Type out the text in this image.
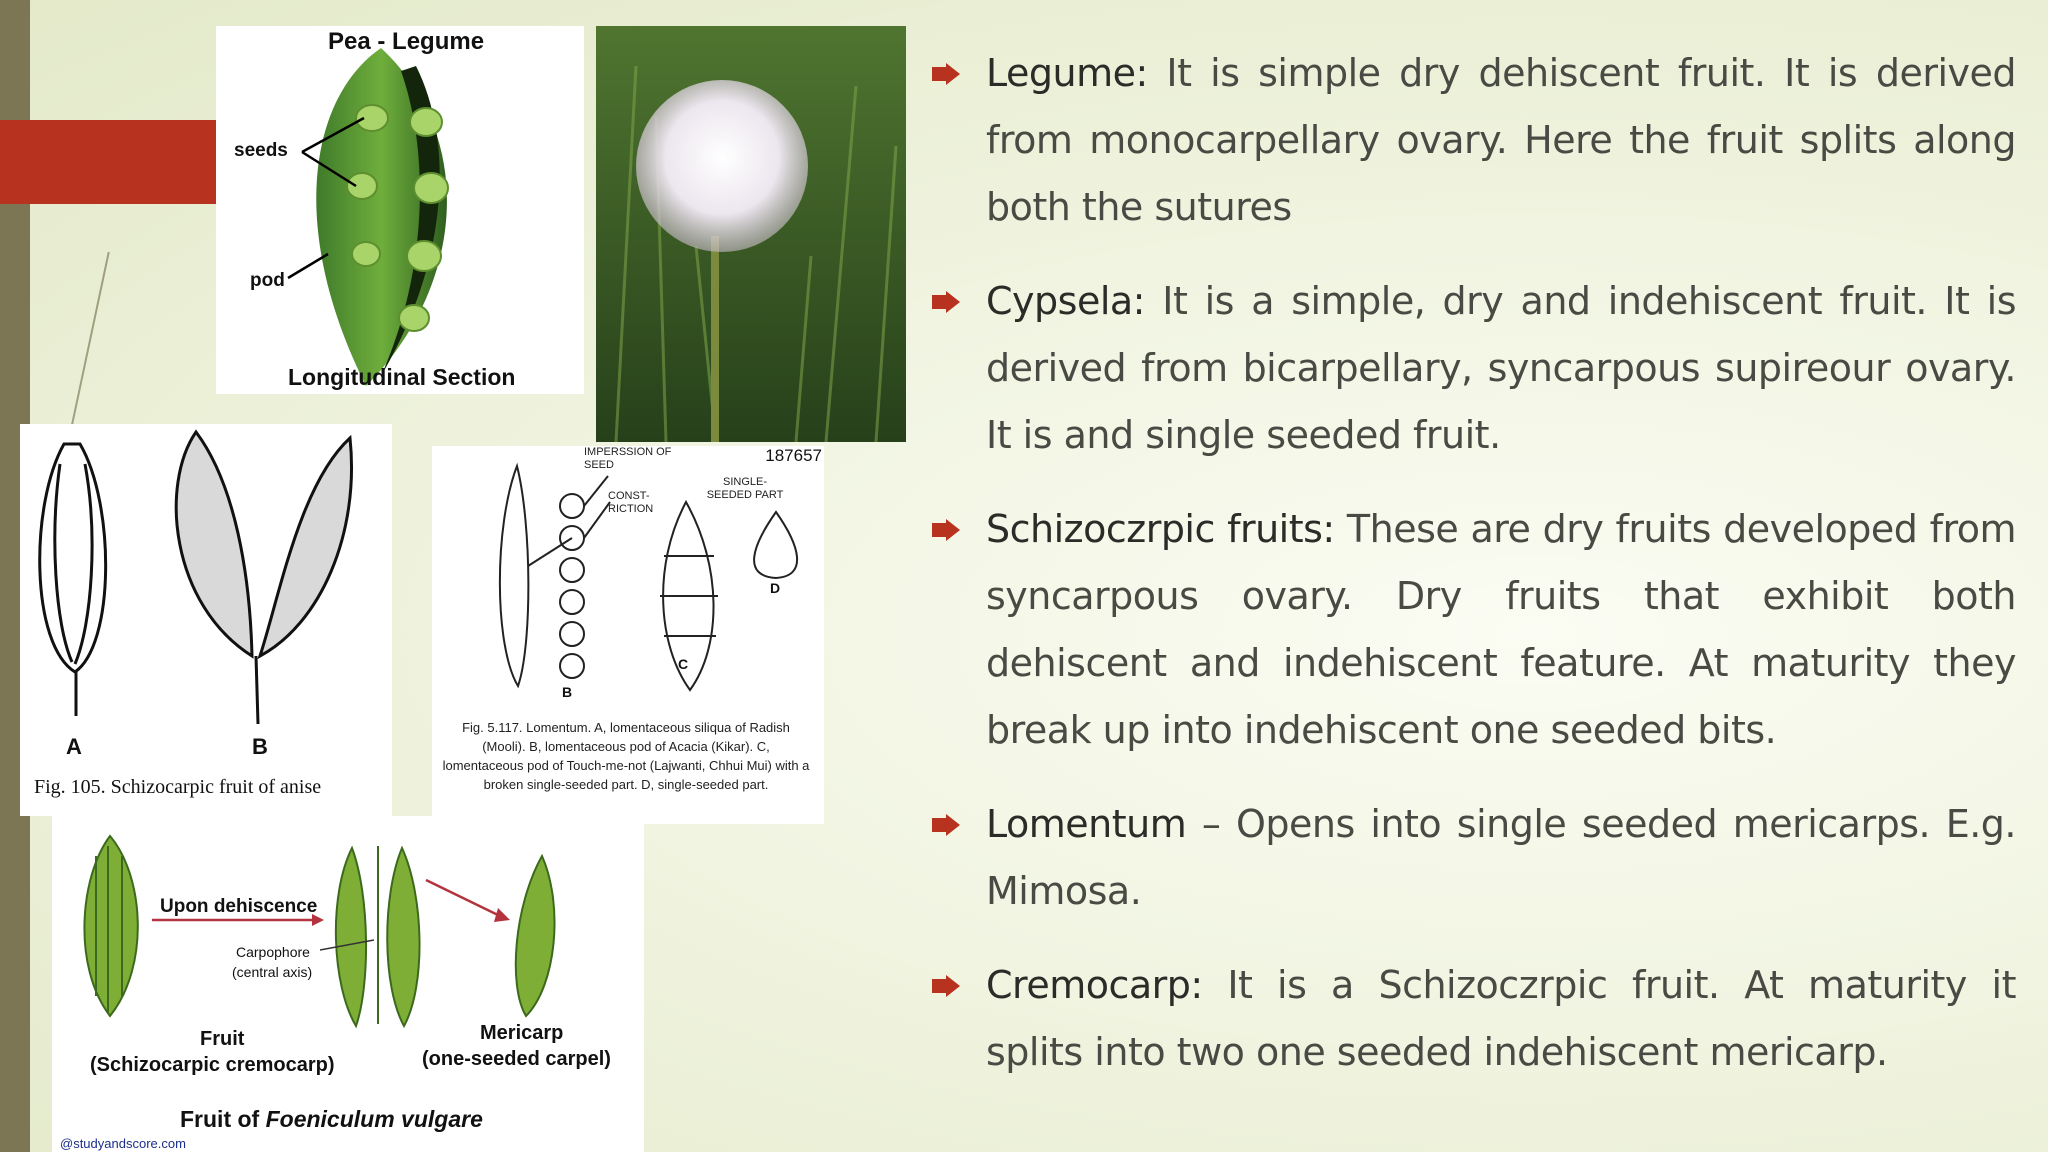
Pea - Legume
seeds
pod
Longitudinal Section
A	B
Fig. 105. Schizocarpic fruit of anise
187657
IMPERSSION OF SEED
CONST-RICTION
SINGLE-SEEDED PART
B
C
D
Fig. 5.117. Lomentum. A, lomentaceous siliqua of Radish (Mooli). B, lomentaceous pod of Acacia (Kikar). C, lomentaceous pod of Touch-me-not (Lajwanti, Chhui Mui) with a broken single-seeded part. D, single-seeded part.
Upon dehiscence
Carpophore
(central axis)
Fruit
(Schizocarpic cremocarp)
Mericarp
(one-seeded carpel)
Fruit of Foeniculum vulgare
@studyandscore.com
Legume: It is simple dry dehiscent fruit. It is derived from monocarpellary ovary. Here the fruit splits along both the sutures
Cypsela: It is a simple, dry and indehiscent fruit. It is derived from bicarpellary, syncarpous supireour ovary. It is and single seeded fruit.
Schizoczrpic fruits: These are dry fruits developed from syncarpous ovary. Dry fruits that exhibit both dehiscent and indehiscent feature. At maturity they break up into indehiscent one seeded bits.
Lomentum – Opens into single seeded mericarps. E.g. Mimosa.
Cremocarp: It is a Schizoczrpic fruit. At maturity it splits into two one seeded indehiscent mericarp.
